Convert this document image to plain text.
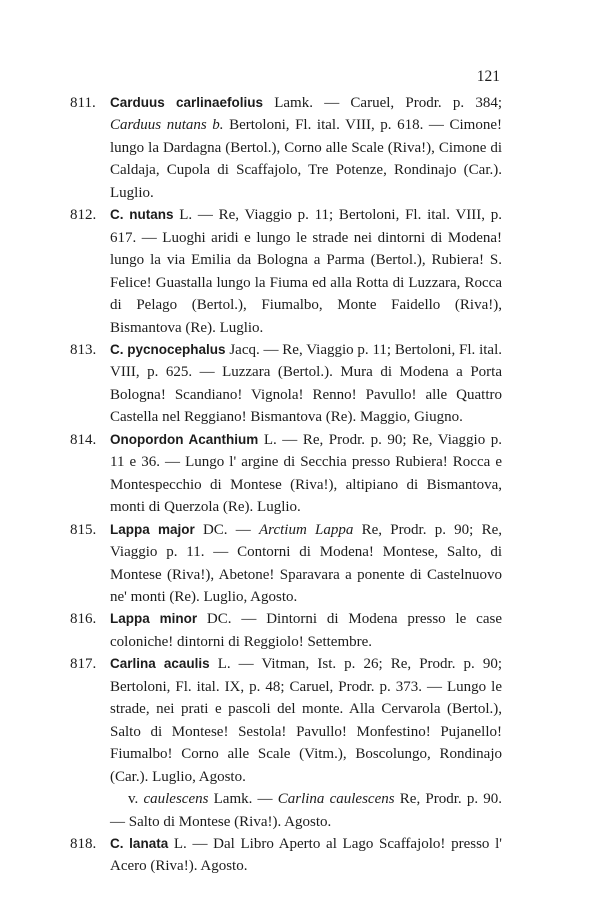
121

811. Carduus carlinaefolius Lamk. — Caruel, Prodr. p. 384; Carduus nutans b. Bertoloni, Fl. ital. VIII, p. 618. — Cimone! lungo la Dardagna (Bertol.), Corno alle Scale (Riva!), Cimone di Caldaja, Cupola di Scaffajolo, Tre Potenze, Rondinajo (Car.). Luglio.

812. C. nutans L. — Re, Viaggio p. 11; Bertoloni, Fl. ital. VIII, p. 617. — Luoghi aridi e lungo le strade nei dintorni di Modena! lungo la via Emilia da Bologna a Parma (Bertol.), Rubiera! S. Felice! Guastalla lungo la Fiuma ed alla Rotta di Luzzara, Rocca di Pelago (Bertol.), Fiumalbo, Monte Faidello (Riva!), Bismantova (Re). Luglio.

813. C. pycnocephalus Jacq. — Re, Viaggio p. 11; Bertoloni, Fl. ital. VIII, p. 625. — Luzzara (Bertol.). Mura di Modena a Porta Bologna! Scandiano! Vignola! Renno! Pavullo! alle Quattro Castella nel Reggiano! Bismantova (Re). Maggio, Giugno.

814. Onopordon Acanthium L. — Re, Prodr. p. 90; Re, Viaggio p. 11 e 36. — Lungo l' argine di Secchia presso Rubiera! Rocca e Montespecchio di Montese (Riva!), altipiano di Bismantova, monti di Querzola (Re). Luglio.

815. Lappa major DC. — Arctium Lappa Re, Prodr. p. 90; Re, Viaggio p. 11. — Contorni di Modena! Montese, Salto, di Montese (Riva!), Abetone! Sparavara a ponente di Castelnuovo ne' monti (Re). Luglio, Agosto.

816. Lappa minor DC. — Dintorni di Modena presso le case coloniche! dintorni di Reggiolo! Settembre.

817. Carlina acaulis L. — Vitman, Ist. p. 26; Re, Prodr. p. 90; Bertoloni, Fl. ital. IX, p. 48; Caruel, Prodr. p. 373. — Lungo le strade, nei prati e pascoli del monte. Alla Cervarola (Bertol.), Salto di Montese! Sestola! Pavullo! Monfestino! Pujanello! Fiumalbo! Corno alle Scale (Vitm.), Boscolungo, Rondinajo (Car.). Luglio, Agosto.

v. caulescens Lamk. — Carlina caulescens Re, Prodr. p. 90. — Salto di Montese (Riva!). Agosto.

818. C. lanata L. — Dal Libro Aperto al Lago Scaffajolo! presso l' Acero (Riva!). Agosto.
